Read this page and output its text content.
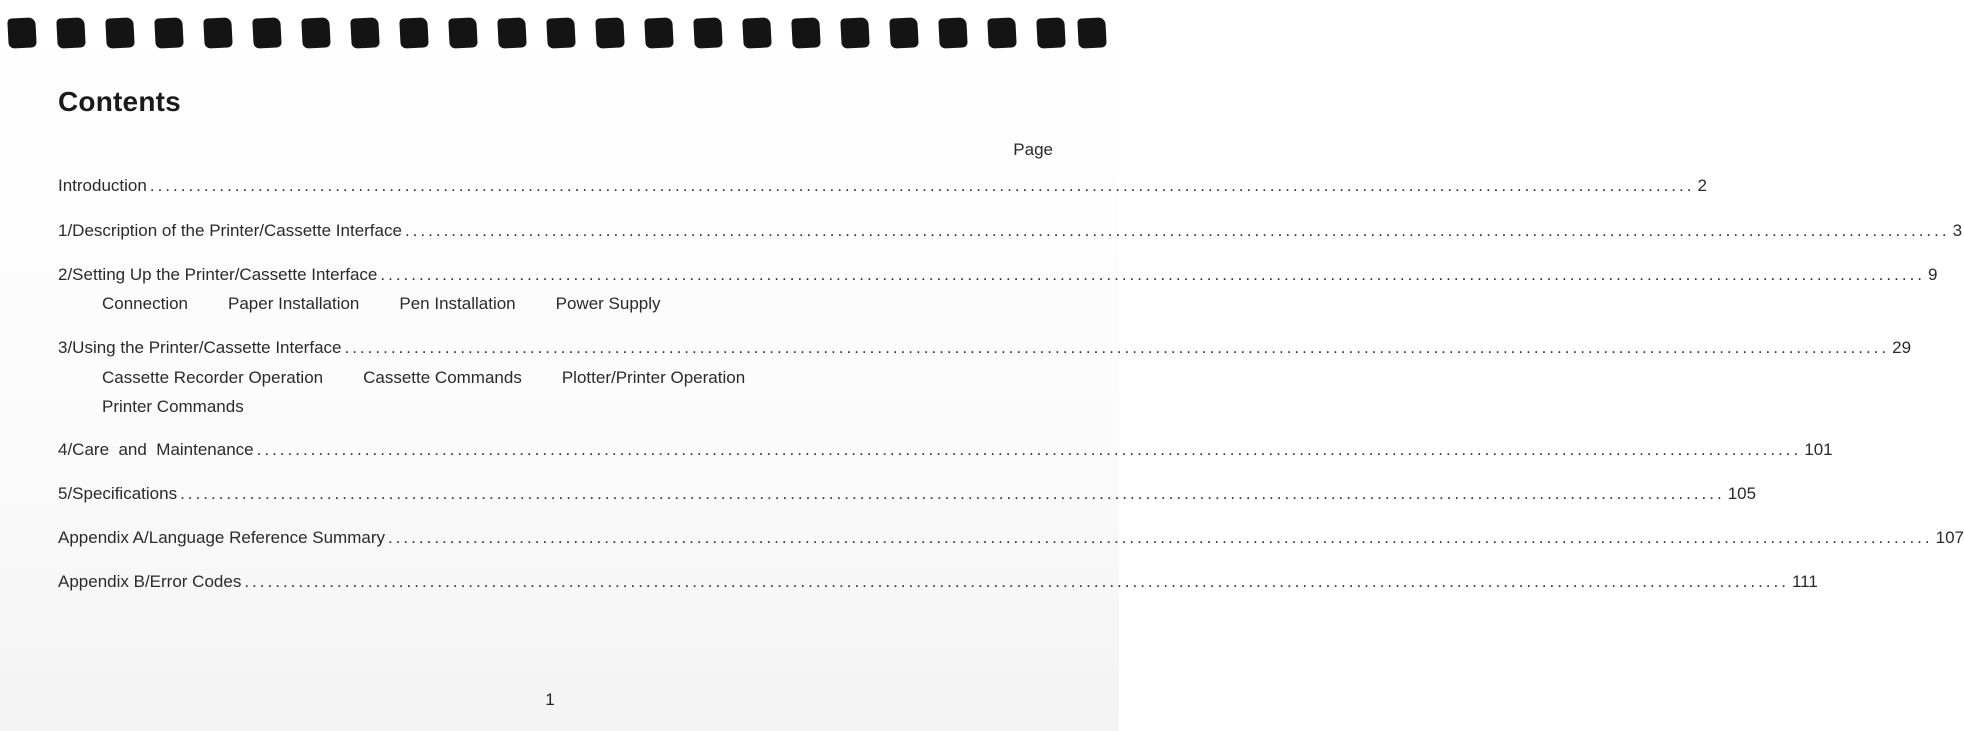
Contents
Page
Introduction ........................................................................................................................................................................................................ 2
1/Description of the Printer/Cassette Interface ........................................................................................................................................................................................................ 3
2/Setting Up the Printer/Cassette Interface ........................................................................................................................................................................................................ 9
Connection Paper Installation Pen Installation Power Supply
3/Using the Printer/Cassette Interface ........................................................................................................................................................................................................ 29
Cassette Recorder Operation Cassette Commands Plotter/Printer Operation
Printer Commands
4/Care  and  Maintenance ........................................................................................................................................................................................................ 101
5/Specifications ........................................................................................................................................................................................................ 105
Appendix A/Language Reference Summary ........................................................................................................................................................................................................ 107
Appendix B/Error Codes ........................................................................................................................................................................................................ 111
1
